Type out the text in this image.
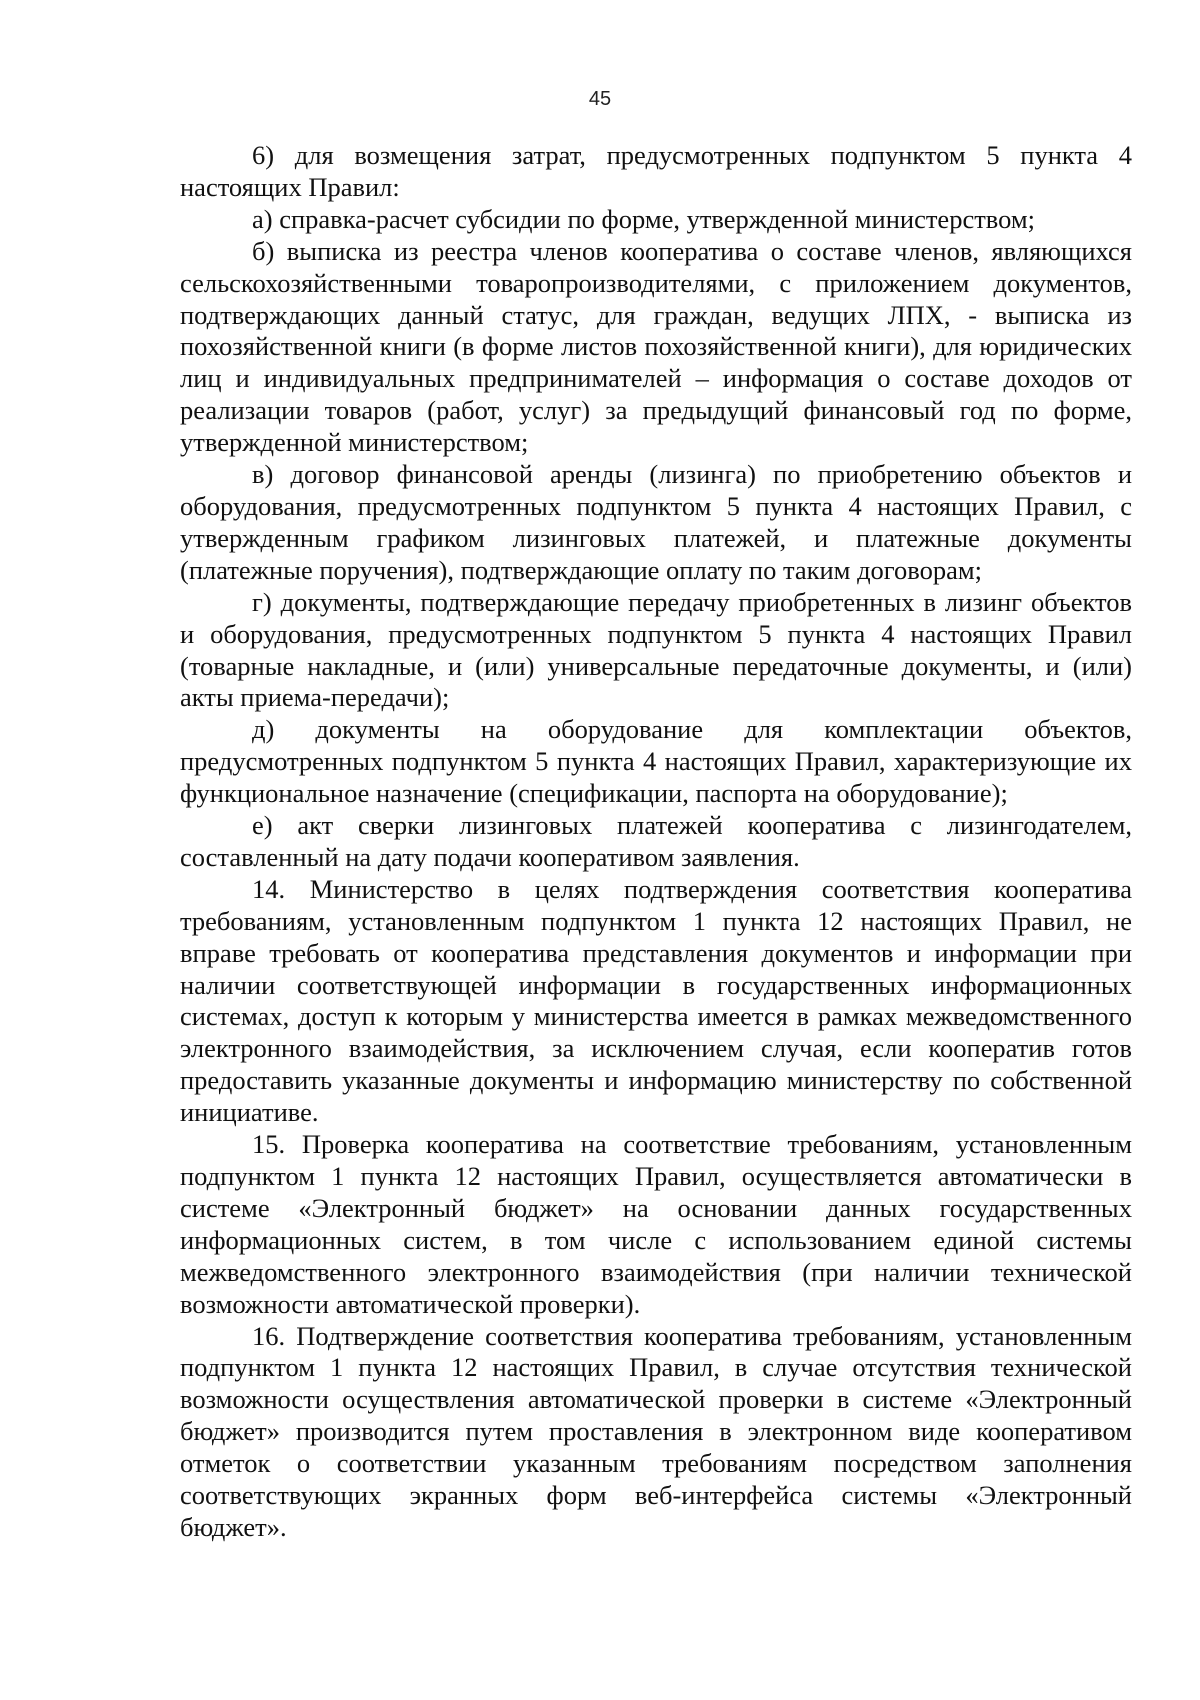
45

6) для возмещения затрат, предусмотренных подпунктом 5 пункта 4 настоящих Правил:

а) справка-расчет субсидии по форме, утвержденной министерством;

б) выписка из реестра членов кооператива о составе членов, являющихся сельскохозяйственными товаропроизводителями, с приложением документов, подтверждающих данный статус, для граждан, ведущих ЛПХ, - выписка из похозяйственной книги (в форме листов похозяйственной книги), для юридических лиц и индивидуальных предпринимателей – информация о составе доходов от реализации товаров (работ, услуг) за предыдущий финансовый год по форме, утвержденной министерством;

в) договор финансовой аренды (лизинга) по приобретению объектов и оборудования, предусмотренных подпунктом 5 пункта 4 настоящих Правил, с утвержденным графиком лизинговых платежей, и платежные документы (платежные поручения), подтверждающие оплату по таким договорам;

г) документы, подтверждающие передачу приобретенных в лизинг объектов и оборудования, предусмотренных подпунктом 5 пункта 4 настоящих Правил (товарные накладные, и (или) универсальные передаточные документы, и (или) акты приема-передачи);

д) документы на оборудование для комплектации объектов, предусмотренных подпунктом 5 пункта 4 настоящих Правил, характеризующие их функциональное назначение (спецификации, паспорта на оборудование);

е) акт сверки лизинговых платежей кооператива с лизингодателем, составленный на дату подачи кооперативом заявления.

14. Министерство в целях подтверждения соответствия кооператива требованиям, установленным подпунктом 1 пункта 12 настоящих Правил, не вправе требовать от кооператива представления документов и информации при наличии соответствующей информации в государственных информационных системах, доступ к которым у министерства имеется в рамках межведомственного электронного взаимодействия, за исключением случая, если кооператив готов предоставить указанные документы и информацию министерству по собственной инициативе.

15. Проверка кооператива на соответствие требованиям, установленным подпунктом 1 пункта 12 настоящих Правил, осуществляется автоматически в системе «Электронный бюджет» на основании данных государственных информационных систем, в том числе с использованием единой системы межведомственного электронного взаимодействия (при наличии технической возможности автоматической проверки).

16. Подтверждение соответствия кооператива требованиям, установленным подпунктом 1 пункта 12 настоящих Правил, в случае отсутствия технической возможности осуществления автоматической проверки в системе «Электронный бюджет» производится путем проставления в электронном виде кооперативом отметок о соответствии указанным требованиям посредством заполнения соответствующих экранных форм веб-интерфейса системы «Электронный бюджет».
